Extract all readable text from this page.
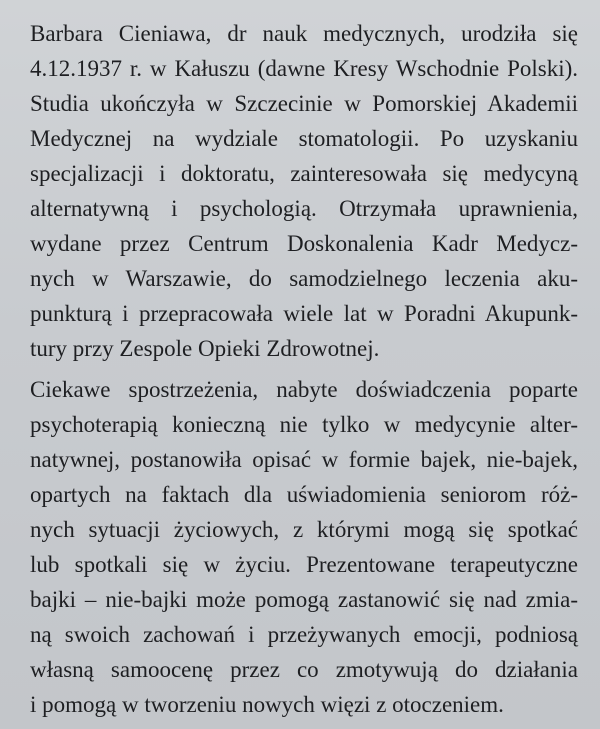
Barbara Cieniawa, dr nauk medycznych, urodziła się
4.12.1937 r. w Kałuszu (dawne Kresy Wschodnie Polski).
Studia ukończyła w Szczecinie w Pomorskiej Akademii
Medycznej na wydziale stomatologii. Po uzyskaniu
specjalizacji i doktoratu, zainteresowała się medycyną
alternatywną i psychologią. Otrzymała uprawnienia,
wydane przez Centrum Doskonalenia Kadr Medycz-
nych w Warszawie, do samodzielnego leczenia aku-
punkturą i przepracowała wiele lat w Poradni Akupunk-
tury przy Zespole Opieki Zdrowotnej.

Ciekawe spostrzeżenia, nabyte doświadczenia poparte
psychoterapią konieczną nie tylko w medycynie alter-
natywnej, postanowiła opisać w formie bajek, nie-bajek,
opartych na faktach dla uświadomienia seniorom róż-
nych sytuacji życiowych, z którymi mogą się spotkać
lub spotkali się w życiu. Prezentowane terapeutyczne
bajki – nie-bajki może pomogą zastanowić się nad zmia-
ną swoich zachowań i przeżywanych emocji, podniosą
własną samoocenę przez co zmotywują do działania
i pomogą w tworzeniu nowych więzi z otoczeniem.
